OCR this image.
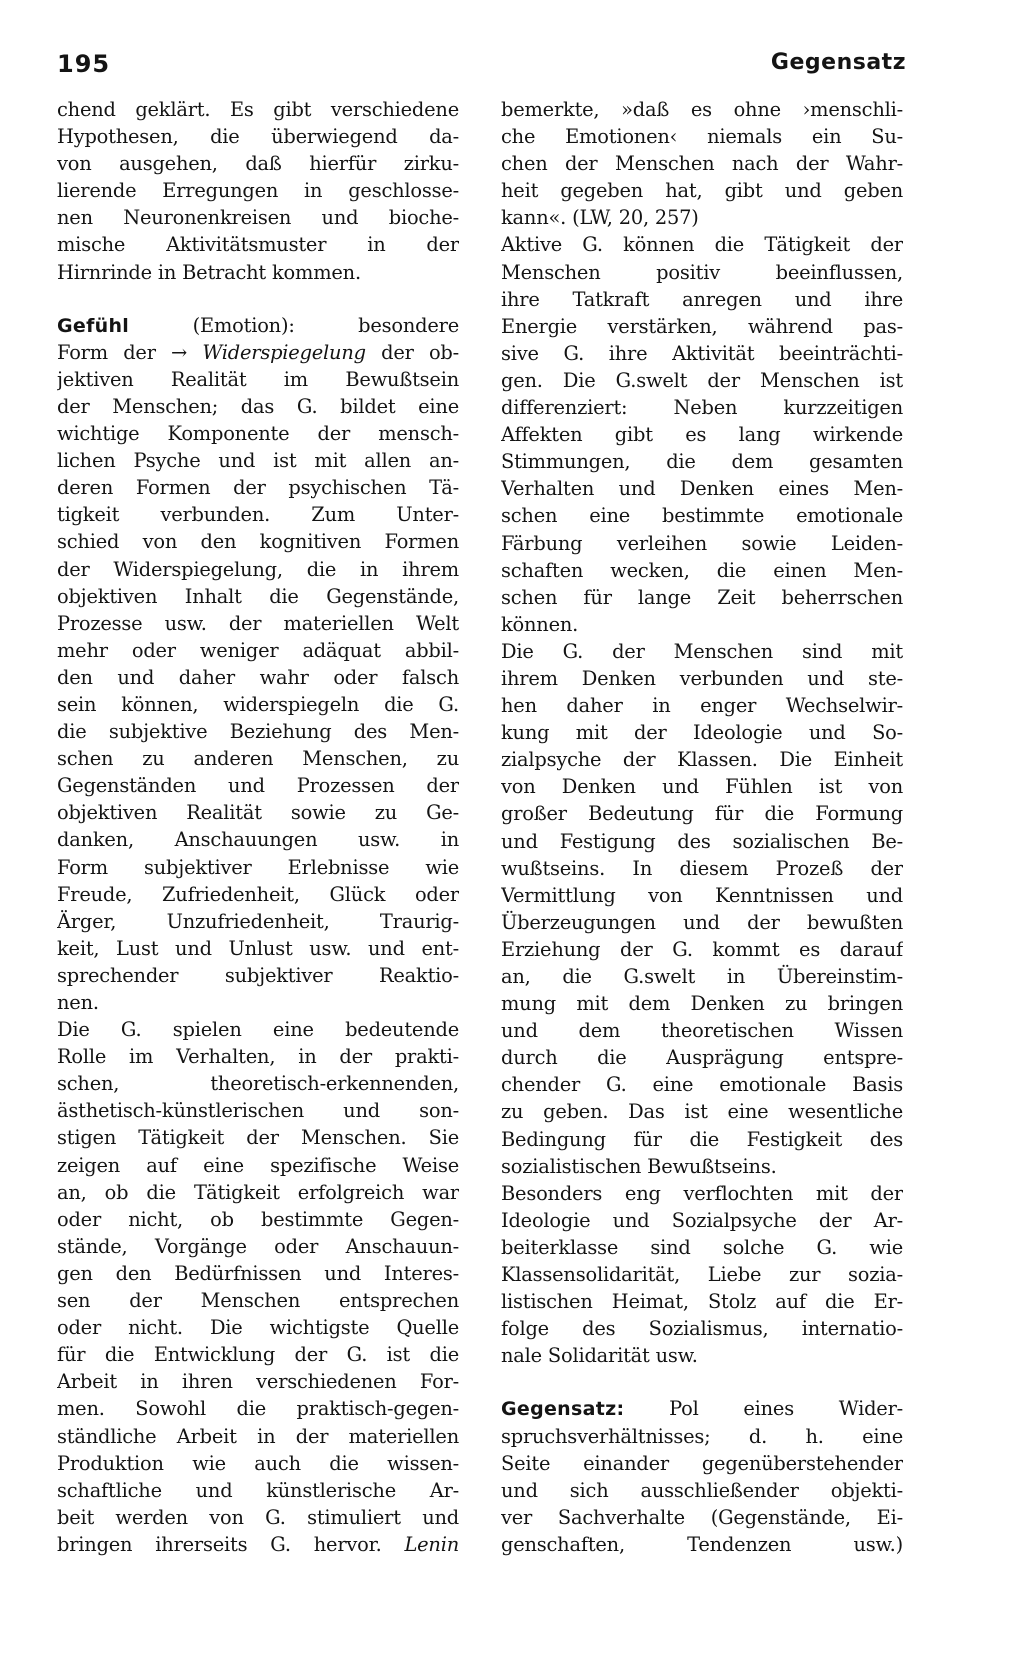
195	Gegensatz
chend geklärt. Es gibt verschiedene
Hypothesen, die überwiegend da-
von ausgehen, daß hierfür zirku-
lierende Erregungen in geschlosse-
nen Neuronenkreisen und bioche-
mische Aktivitätsmuster in der
Hirnrinde in Betracht kommen.
Gefühl (Emotion): besondere
Form der → Widerspiegelung der ob-
jektiven Realität im Bewußtsein
der Menschen; das G. bildet eine
wichtige Komponente der mensch-
lichen Psyche und ist mit allen an-
deren Formen der psychischen Tä-
tigkeit verbunden. Zum Unter-
schied von den kognitiven Formen
der Widerspiegelung, die in ihrem
objektiven Inhalt die Gegenstände,
Prozesse usw. der materiellen Welt
mehr oder weniger adäquat abbil-
den und daher wahr oder falsch
sein können, widerspiegeln die G.
die subjektive Beziehung des Men-
schen zu anderen Menschen, zu
Gegenständen und Prozessen der
objektiven Realität sowie zu Ge-
danken, Anschauungen usw. in
Form subjektiver Erlebnisse wie
Freude, Zufriedenheit, Glück oder
Ärger, Unzufriedenheit, Traurig-
keit, Lust und Unlust usw. und ent-
sprechender subjektiver Reaktio-
nen.
Die G. spielen eine bedeutende
Rolle im Verhalten, in der prakti-
schen, theoretisch-erkennenden,
ästhetisch-künstlerischen und son-
stigen Tätigkeit der Menschen. Sie
zeigen auf eine spezifische Weise
an, ob die Tätigkeit erfolgreich war
oder nicht, ob bestimmte Gegen-
stände, Vorgänge oder Anschauun-
gen den Bedürfnissen und Interes-
sen der Menschen entsprechen
oder nicht. Die wichtigste Quelle
für die Entwicklung der G. ist die
Arbeit in ihren verschiedenen For-
men. Sowohl die praktisch-gegen-
ständliche Arbeit in der materiellen
Produktion wie auch die wissen-
schaftliche und künstlerische Ar-
beit werden von G. stimuliert und
bringen ihrerseits G. hervor. Lenin
bemerkte, »daß es ohne ›menschli-
che Emotionen‹ niemals ein Su-
chen der Menschen nach der Wahr-
heit gegeben hat, gibt und geben
kann«. (LW, 20, 257)
Aktive G. können die Tätigkeit der
Menschen positiv beeinflussen,
ihre Tatkraft anregen und ihre
Energie verstärken, während pas-
sive G. ihre Aktivität beeinträchti-
gen. Die G.swelt der Menschen ist
differenziert: Neben kurzzeitigen
Affekten gibt es lang wirkende
Stimmungen, die dem gesamten
Verhalten und Denken eines Men-
schen eine bestimmte emotionale
Färbung verleihen sowie Leiden-
schaften wecken, die einen Men-
schen für lange Zeit beherrschen
können.
Die G. der Menschen sind mit
ihrem Denken verbunden und ste-
hen daher in enger Wechselwir-
kung mit der Ideologie und So-
zialpsyche der Klassen. Die Einheit
von Denken und Fühlen ist von
großer Bedeutung für die Formung
und Festigung des sozialischen Be-
wußtseins. In diesem Prozeß der
Vermittlung von Kenntnissen und
Überzeugungen und der bewußten
Erziehung der G. kommt es darauf
an, die G.swelt in Übereinstim-
mung mit dem Denken zu bringen
und dem theoretischen Wissen
durch die Ausprägung entspre-
chender G. eine emotionale Basis
zu geben. Das ist eine wesentliche
Bedingung für die Festigkeit des
sozialistischen Bewußtseins.
Besonders eng verflochten mit der
Ideologie und Sozialpsyche der Ar-
beiterklasse sind solche G. wie
Klassensolidarität, Liebe zur sozia-
listischen Heimat, Stolz auf die Er-
folge des Sozialismus, internatio-
nale Solidarität usw.
Gegensatz: Pol eines Wider-
spruchsverhältnisses; d. h. eine
Seite einander gegenüberstehender
und sich ausschließender objekti-
ver Sachverhalte (Gegenstände, Ei-
genschaften, Tendenzen usw.)
